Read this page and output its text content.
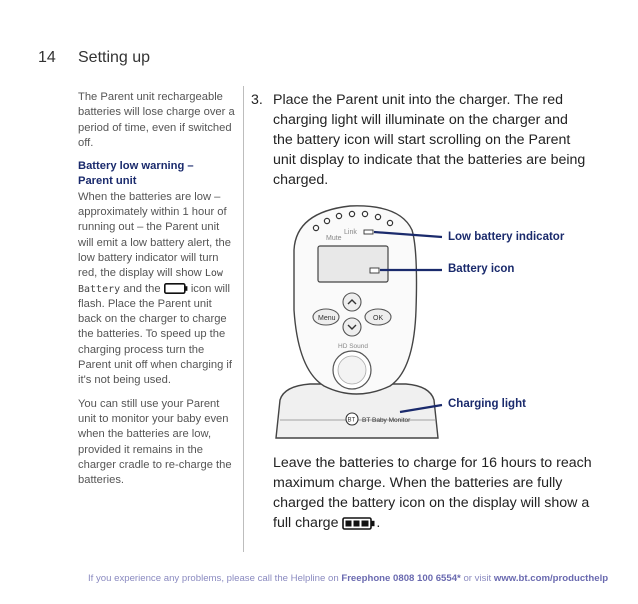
14 Setting up

The Parent unit rechargeable batteries will lose charge over a period of time, even if switched off.

Battery low warning –
Parent unit

When the batteries are low – approximately within 1 hour of running out – the Parent unit will emit a low battery alert, the low battery indicator will turn red, the display will show Low Battery and the	icon will flash. Place the Parent unit back on the charger to charge the batteries. To speed up the charging process turn the Parent unit off when charging if it's not being used.

You can still use your Parent unit to monitor your baby even when the batteries are low, provided it remains in the charger cradle to re-charge the batteries.

3. Place the Parent unit into the charger. The red charging light will illuminate on the charger and the battery icon will start scrolling on the Parent unit display to indicate that the batteries are being charged.
Mute
Link
Menu	OK
HD Sound
BT BT Baby Monitor
Low battery indicator
Battery icon
Charging light
Leave the batteries to charge for 16 hours to reach maximum charge. When the batteries are fully charged the battery icon on the display will show a full charge	.
If you experience any problems, please call the Helpline on Freephone 0808 100 6554* or visit www.bt.com/producthelp
